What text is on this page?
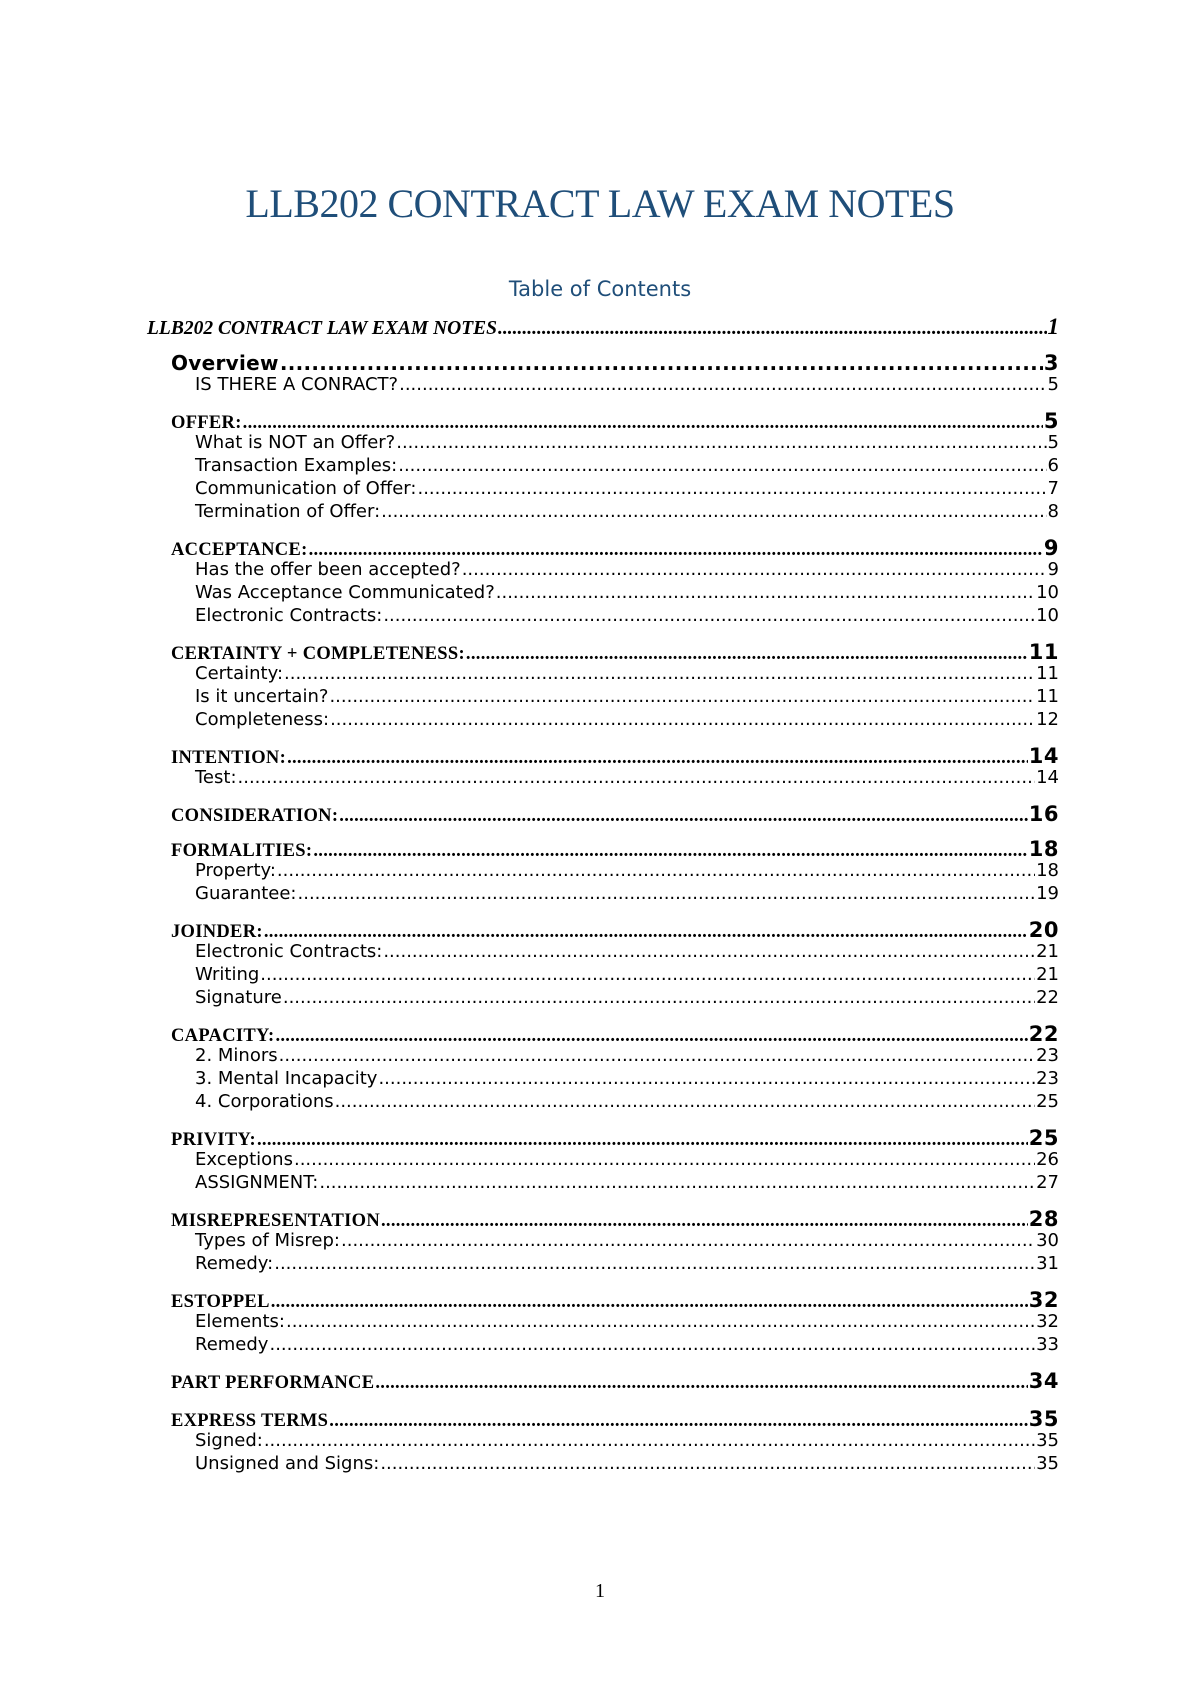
LLB202 CONTRACT LAW EXAM NOTES
Table of Contents
LLB202 CONTRACT LAW EXAM NOTES .....	1
Overview .....	3
IS THERE A CONRACT? .....	5
OFFER: .....	5
What is NOT an Offer? .....	5
Transaction Examples: .....	6
Communication of Offer: .....	7
Termination of Offer: .....	8
ACCEPTANCE: .....	9
Has the offer been accepted? .....	9
Was Acceptance Communicated? .....	10
Electronic Contracts: .....	10
CERTAINTY + COMPLETENESS: .....	11
Certainty: .....	11
Is it uncertain? .....	11
Completeness: .....	12
INTENTION: .....	14
Test: .....	14
CONSIDERATION: .....	16
FORMALITIES: .....	18
Property: .....	18
Guarantee: .....	19
JOINDER: .....	20
Electronic Contracts: .....	21
Writing .....	21
Signature .....	22
CAPACITY: .....	22
2. Minors .....	23
3. Mental Incapacity .....	23
4. Corporations .....	25
PRIVITY: .....	25
Exceptions .....	26
ASSIGNMENT: .....	27
MISREPRESENTATION .....	28
Types of Misrep: .....	30
Remedy: .....	31
ESTOPPEL .....	32
Elements: .....	32
Remedy .....	33
PART PERFORMANCE .....	34
EXPRESS TERMS .....	35
Signed: .....	35
Unsigned and Signs: .....	35
1
